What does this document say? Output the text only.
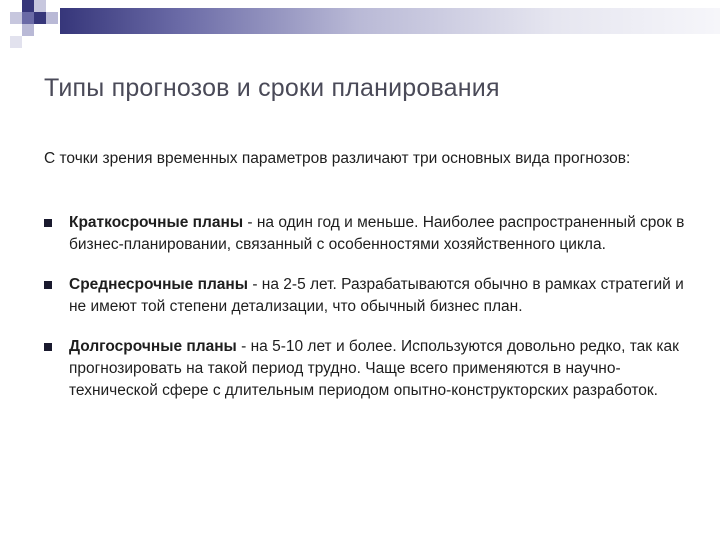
Типы прогнозов и сроки планирования

С точки зрения временных параметров различают три основных вида прогнозов:

Краткосрочные планы - на один год и меньше. Наиболее распространенный срок в бизнес-планировании, связанный с особенностями хозяйственного цикла.
Среднесрочные планы - на 2-5 лет. Разрабатываются обычно в рамках стратегий и не имеют той степени детализации, что обычный бизнес план.
Долгосрочные планы - на 5-10 лет и более. Используются довольно редко, так как прогнозировать на такой период трудно. Чаще всего применяются в научно-технической сфере с длительным периодом опытно-конструкторских разработок.
